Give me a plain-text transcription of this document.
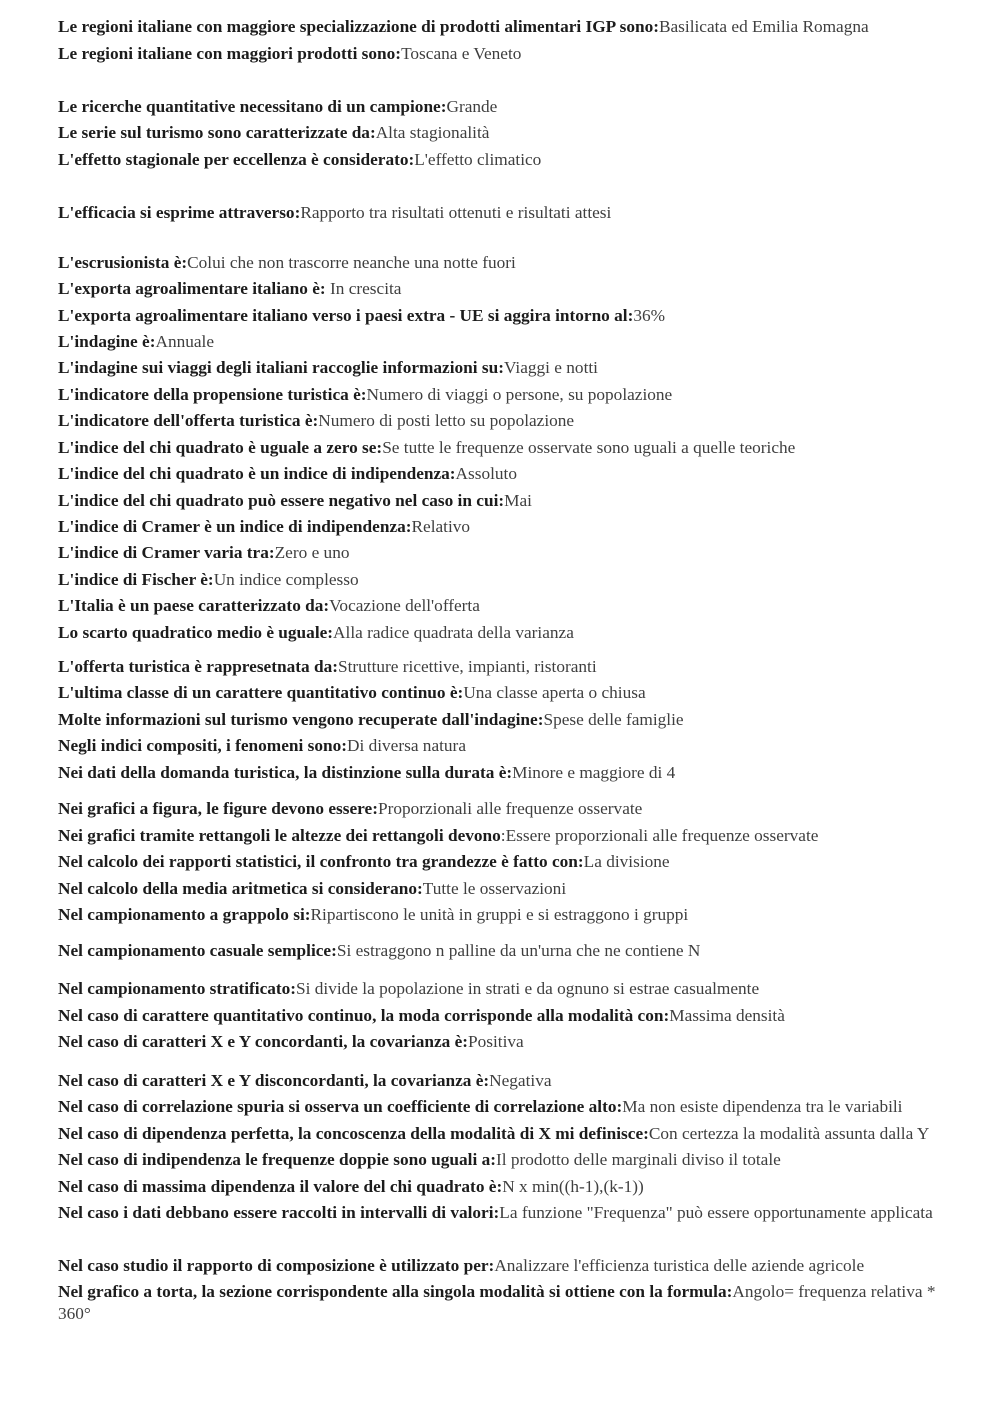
Le regioni italiane con maggiore specializzazione di prodotti alimentari IGP sono:Basilicata ed Emilia Romagna
Le regioni italiane con maggiori prodotti sono:Toscana e Veneto
Le ricerche quantitative necessitano di un campione:Grande
Le serie sul turismo sono caratterizzate da:Alta stagionalità
L'effetto stagionale per eccellenza è considerato:L'effetto climatico
L'efficacia si esprime attraverso:Rapporto tra risultati ottenuti e risultati attesi
L'escrusionista è:Colui che non trascorre neanche una notte fuori
L'exporta agroalimentare italiano è: In crescita
L'exporta agroalimentare italiano verso i paesi extra - UE si aggira intorno al:36%
L'indagine è:Annuale
L'indagine sui viaggi degli italiani raccoglie informazioni su:Viaggi e notti
L'indicatore della propensione turistica è:Numero di viaggi o persone, su popolazione
L'indicatore dell'offerta turistica è:Numero di posti letto su popolazione
L'indice del chi quadrato è uguale a zero se:Se tutte le frequenze osservate sono uguali a quelle teoriche
L'indice del chi quadrato è un indice di indipendenza:Assoluto
L'indice del chi quadrato può essere negativo nel caso in cui:Mai
L'indice di Cramer è un indice di indipendenza:Relativo
L'indice di Cramer varia tra:Zero e uno
L'indice di Fischer è:Un indice complesso
L'Italia è un paese caratterizzato da:Vocazione dell'offerta
Lo scarto quadratico medio è uguale:Alla radice quadrata della varianza
L'offerta turistica è rappresetnata da:Strutture ricettive, impianti, ristoranti
L'ultima classe di un carattere quantitativo continuo è:Una classe aperta o chiusa
Molte informazioni sul turismo vengono recuperate dall'indagine:Spese delle famiglie
Negli indici compositi, i fenomeni sono:Di diversa natura
Nei dati della domanda turistica, la distinzione sulla durata è:Minore e maggiore di 4
Nei grafici a figura, le figure devono essere:Proporzionali alle frequenze osservate
Nei grafici tramite rettangoli le altezze dei rettangoli devono:Essere proporzionali alle frequenze osservate
Nel calcolo dei rapporti statistici, il confronto tra grandezze è fatto con:La divisione
Nel calcolo della media aritmetica si considerano:Tutte le osservazioni
Nel campionamento a grappolo si:Ripartiscono le unità in gruppi e si estraggono i gruppi
Nel campionamento casuale semplice:Si estraggono n palline da un'urna che ne contiene N
Nel campionamento stratificato:Si divide la popolazione in strati e da ognuno si estrae casualmente
Nel caso di carattere quantitativo continuo, la moda corrisponde alla modalità con:Massima densità
Nel caso di caratteri X e Y concordanti, la covarianza è:Positiva
Nel caso di caratteri X e Y disconcordanti, la covarianza è:Negativa
Nel caso di correlazione spuria si osserva un coefficiente di correlazione alto:Ma non esiste dipendenza tra le variabili
Nel caso di dipendenza perfetta, la concoscenza della modalità di X mi definisce:Con certezza la modalità assunta dalla Y
Nel caso di indipendenza le frequenze doppie sono uguali a:Il prodotto delle marginali diviso il totale
Nel caso di massima dipendenza il valore del chi quadrato è:N x min((h-1),(k-1))
Nel caso i dati debbano essere raccolti in intervalli di valori:La funzione "Frequenza" può essere opportunamente applicata
Nel caso studio il rapporto di composizione è utilizzato per:Analizzare l'efficienza turistica delle aziende agricole
Nel grafico a torta, la sezione corrispondente alla singola modalità si ottiene con la formula:Angolo= frequenza relativa * 360°
